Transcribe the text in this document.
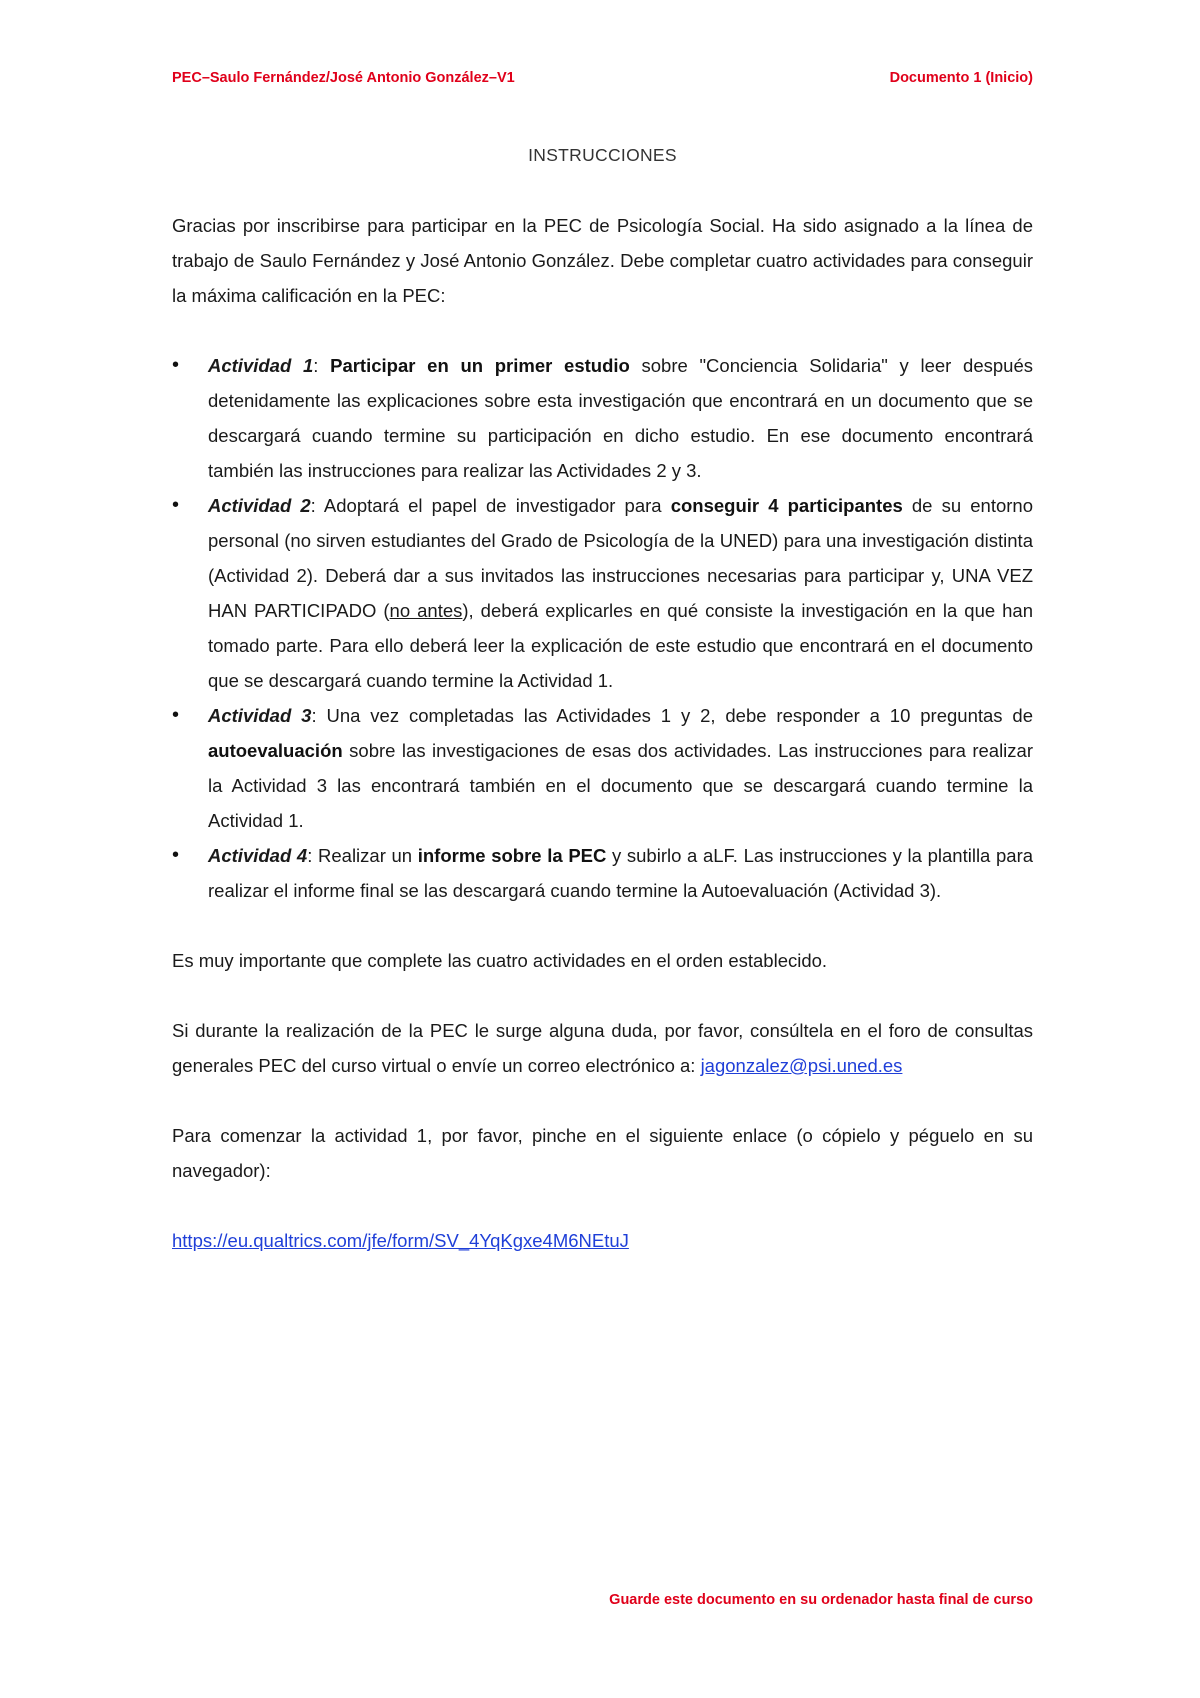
PEC–Saulo Fernández/José Antonio González–V1	Documento 1 (Inicio)
INSTRUCCIONES

Gracias por inscribirse para participar en la PEC de Psicología Social. Ha sido asignado a la línea de trabajo de Saulo Fernández y José Antonio González. Debe completar cuatro actividades para conseguir la máxima calificación en la PEC:

• Actividad 1: Participar en un primer estudio sobre "Conciencia Solidaria" y leer después detenidamente las explicaciones sobre esta investigación que encontrará en un documento que se descargará cuando termine su participación en dicho estudio. En ese documento encontrará también las instrucciones para realizar las Actividades 2 y 3.
• Actividad 2: Adoptará el papel de investigador para conseguir 4 participantes de su entorno personal (no sirven estudiantes del Grado de Psicología de la UNED) para una investigación distinta (Actividad 2). Deberá dar a sus invitados las instrucciones necesarias para participar y, UNA VEZ HAN PARTICIPADO (no antes), deberá explicarles en qué consiste la investigación en la que han tomado parte. Para ello deberá leer la explicación de este estudio que encontrará en el documento que se descargará cuando termine la Actividad 1.
• Actividad 3: Una vez completadas las Actividades 1 y 2, debe responder a 10 preguntas de autoevaluación sobre las investigaciones de esas dos actividades. Las instrucciones para realizar la Actividad 3 las encontrará también en el documento que se descargará cuando termine la Actividad 1.
• Actividad 4: Realizar un informe sobre la PEC y subirlo a aLF. Las instrucciones y la plantilla para realizar el informe final se las descargará cuando termine la Autoevaluación (Actividad 3).

Es muy importante que complete las cuatro actividades en el orden establecido.

Si durante la realización de la PEC le surge alguna duda, por favor, consúltela en el foro de consultas generales PEC del curso virtual o envíe un correo electrónico a: jagonzalez@psi.uned.es

Para comenzar la actividad 1, por favor, pinche en el siguiente enlace (o cópielo y péguelo en su navegador):

https://eu.qualtrics.com/jfe/form/SV_4YqKgxe4M6NEtuJ

Guarde este documento en su ordenador hasta final de curso
